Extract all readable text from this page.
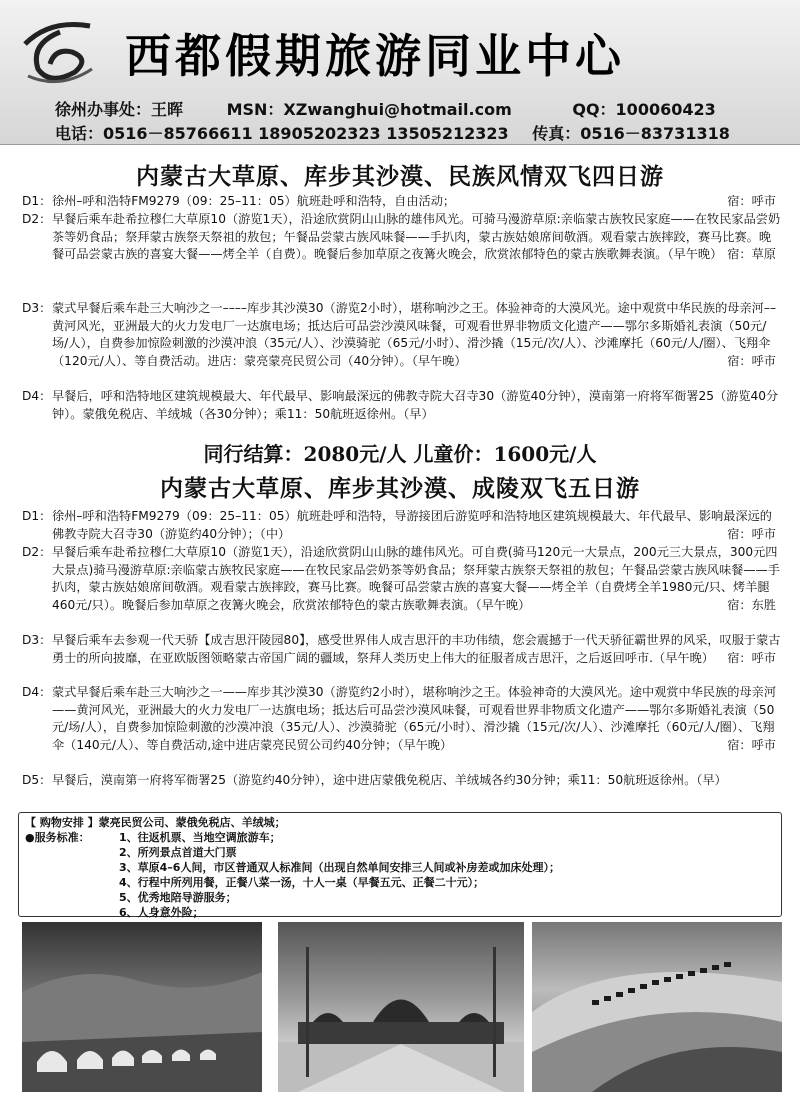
西都假期旅游同业中心
徐州办事处：王晖	MSN：XZwanghui@hotmail.com	QQ：100060423
电话：0516－85766611 18905202323 13505212323 传真：0516－83731318
内蒙古大草原、库步其沙漠、民族风情双飞四日游
D1： 徐州–呼和浩特FM9279（09：25–11：05）航班赴呼和浩特，自由活动；	宿：呼市
D2： 早餐后乘车赴希拉穆仁大草原10（游览1天），沿途欣赏阴山山脉的雄伟风光。可骑马漫游草原:亲临蒙古族牧民家庭——在牧民家品尝奶茶等奶食品；祭拜蒙古族祭天祭祖的敖包；午餐品尝蒙古族风味餐——手扒肉，蒙古族姑娘席间敬酒。观看蒙古族摔跤，赛马比赛。晚餐可品尝蒙古族的喜宴大餐——烤全羊（自费）。晚餐后参加草原之夜篝火晚会，欣赏浓郁特色的蒙古族歌舞表演。（早午晚） 宿：草原
D3： 蒙式早餐后乘车赴三大响沙之一––––库步其沙漠30（游览2小时），堪称响沙之王。体验神奇的大漠风光。途中观赏中华民族的母亲河––黄河风光，亚洲最大的火力发电厂一达旗电场；抵达后可品尝沙漠风味餐，可观看世界非物质文化遗产——鄂尔多斯婚礼表演（50元/场/人），自费参加惊险刺激的沙漠冲浪（35元/人）、沙漠骑驼（65元/小时）、滑沙撬（15元/次/人）、沙滩摩托（60元/人/圈）、飞翔伞（120元/人）、等自费活动。进店：蒙亮蒙亮民贸公司（40分钟）。（早午晚）	宿：呼市
D4： 早餐后，呼和浩特地区建筑规模最大、年代最早、影响最深远的佛教寺院大召寺30（游览40分钟），漠南第一府将军衙署25（游览40分钟）。蒙俄免税店、羊绒城（各30分钟）；乘11：50航班返徐州。（早）
同行结算：2080元/人 儿童价：1600元/人
内蒙古大草原、库步其沙漠、成陵双飞五日游
D1： 徐州–呼和浩特FM9279（09：25–11：05）航班赴呼和浩特，导游接团后游览呼和浩特地区建筑规模最大、年代最早、影响最深远的佛教寺院大召寺30（游览约40分钟）；（中）	宿：呼市
D2： 早餐后乘车赴希拉穆仁大草原10（游览1天），沿途欣赏阴山山脉的雄伟风光。可自费(骑马120元一大景点，200元三大景点，300元四大景点)骑马漫游草原:亲临蒙古族牧民家庭——在牧民家品尝奶茶等奶食品；祭拜蒙古族祭天祭祖的敖包；午餐品尝蒙古族风味餐——手扒肉，蒙古族姑娘席间敬酒。观看蒙古族摔跤，赛马比赛。晚餐可品尝蒙古族的喜宴大餐——烤全羊（自费烤全羊1980元/只、烤羊腿460元/只）。晚餐后参加草原之夜篝火晚会，欣赏浓郁特色的蒙古族歌舞表演。（早午晚）	宿：东胜
D3： 早餐后乘车去参观一代天骄【成吉思汗陵园80】，感受世界伟人成吉思汗的丰功伟绩，您会震撼于一代天骄征霸世界的风采，叹服于蒙古勇士的所向披靡，在亚欧版图领略蒙古帝国广阔的疆域，祭拜人类历史上伟大的征服者成吉思汗，之后返回呼市.（早午晚）	宿：呼市
D4： 蒙式早餐后乘车赴三大响沙之一——库步其沙漠30（游览约2小时），堪称响沙之王。体验神奇的大漠风光。途中观赏中华民族的母亲河——黄河风光，亚洲最大的火力发电厂一达旗电场；抵达后可品尝沙漠风味餐，可观看世界非物质文化遗产——鄂尔多斯婚礼表演（50元/场/人），自费参加惊险刺激的沙漠冲浪（35元/人）、沙漠骑驼（65元/小时）、滑沙撬（15元/次/人）、沙滩摩托（60元/人/圈）、飞翔伞（140元/人）、等自费活动,途中进店蒙亮民贸公司约40分钟；（早午晚）	宿：呼市
D5： 早餐后，漠南第一府将军衙署25（游览约40分钟），途中进店蒙俄免税店、羊绒城各约30分钟；乘11：50航班返徐州。（早）
【 购物安排 】蒙亮民贸公司、蒙俄免税店、羊绒城；
●服务标准：	1、往返机票、当地空调旅游车；
2、所列景点首道大门票
3、草原4–6人间，市区普通双人标准间（出现自然单间安排三人间或补房差或加床处理）；
4、行程中所列用餐，正餐八菜一汤，十人一桌（早餐五元、正餐二十元）；
5、优秀地陪导游服务；
6、人身意外险；
